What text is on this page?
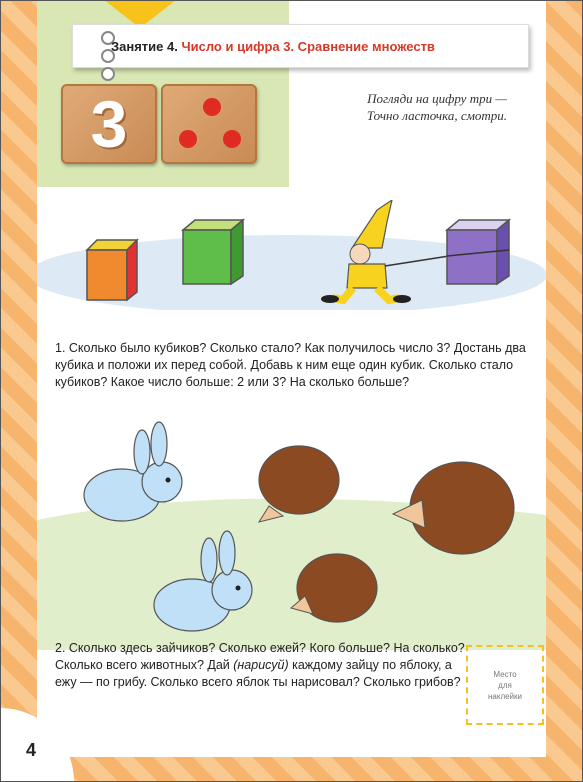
Занятие 4. Число и цифра 3. Сравнение множеств
3	Погляди на цифру три —
Точно ласточка, смотри.
1. Сколько было кубиков? Сколько стало? Как получилось число 3? Достань два кубика и положи их перед собой. Добавь к ним еще один кубик. Сколько стало кубиков? Какое число больше: 2 или 3? На сколько больше?
2. Сколько здесь зайчиков? Сколько ежей? Кого больше? На сколько? Сколько всего животных? Дай (нарисуй) каждому зайцу по яблоку, а ежу — по грибу. Сколько всего яблок ты нарисовал? Сколько грибов?
Место
для
наклейки
4
